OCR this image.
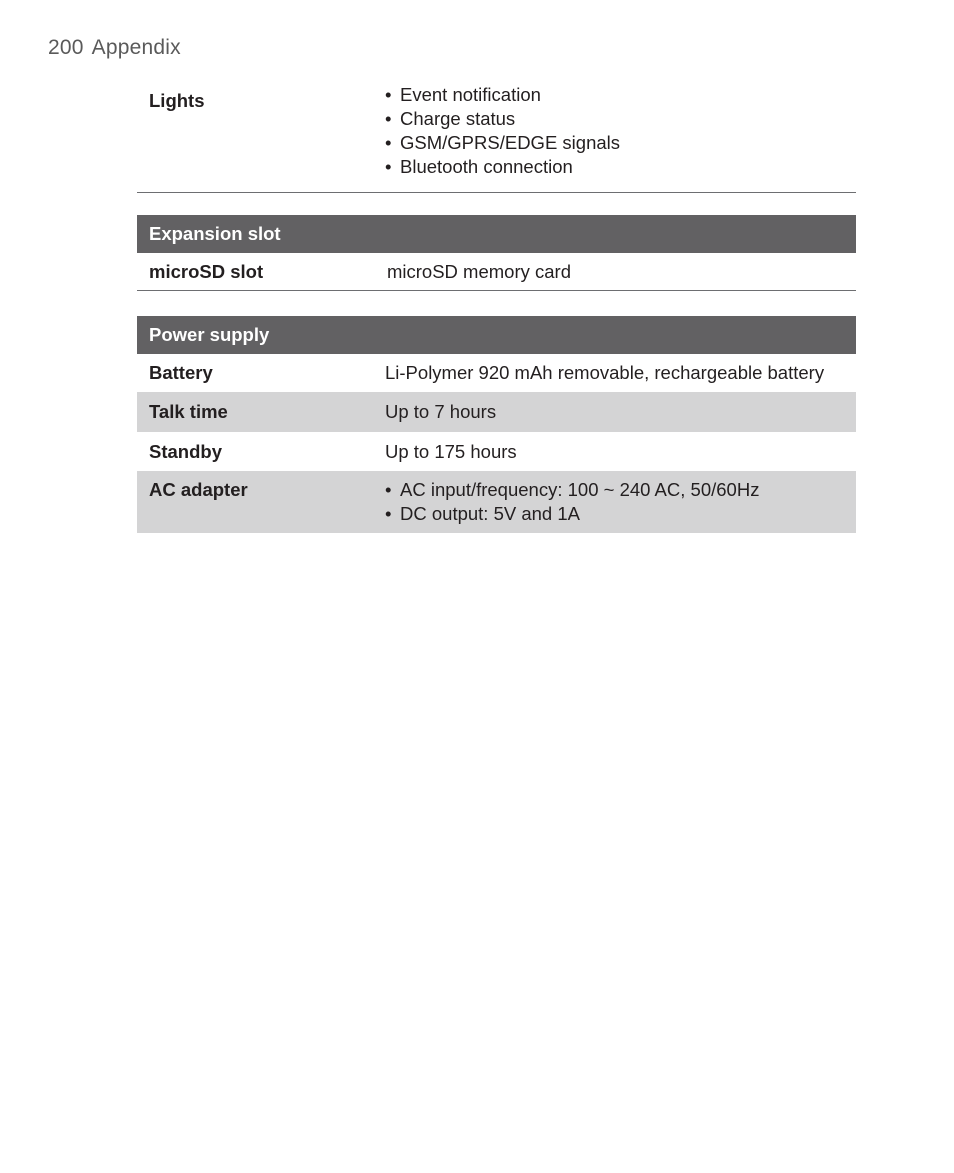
200 Appendix
Lights	• Event notification
• Charge status
• GSM/GPRS/EDGE signals
• Bluetooth connection
Expansion slot
microSD slot	microSD memory card
Power supply
Battery	Li-Polymer 920 mAh removable, rechargeable battery
Talk time	Up to 7 hours
Standby	Up to 175 hours
AC adapter	• AC input/frequency: 100 ~ 240 AC, 50/60Hz
• DC output: 5V and 1A
